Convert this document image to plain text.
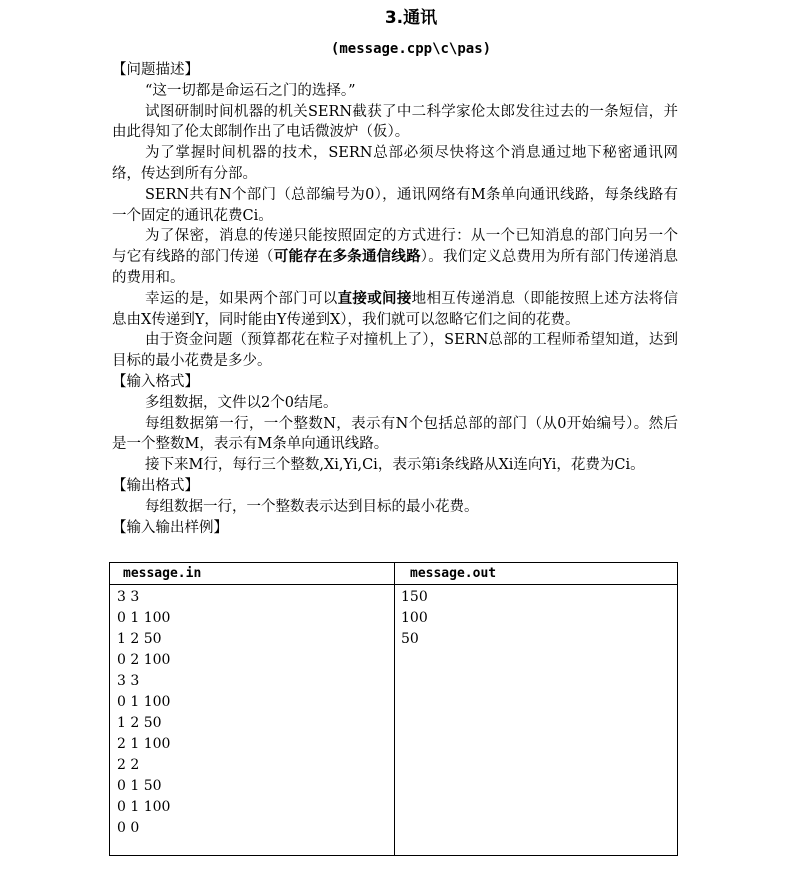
3.通讯
(message.cpp\c\pas)
【问题描述】
“这一切都是命运石之门的选择。”
试图研制时间机器的机关SERN截获了中二科学家伦太郎发往过去的一条短信，并由此得知了伦太郎制作出了电话微波炉（仮）。
为了掌握时间机器的技术，SERN总部必须尽快将这个消息通过地下秘密通讯网络，传达到所有分部。
SERN共有N个部门（总部编号为0），通讯网络有M条单向通讯线路，每条线路有一个固定的通讯花费Ci。
为了保密，消息的传递只能按照固定的方式进行：从一个已知消息的部门向另一个与它有线路的部门传递（可能存在多条通信线路）。我们定义总费用为所有部门传递消息的费用和。
幸运的是，如果两个部门可以直接或间接地相互传递消息（即能按照上述方法将信息由X传递到Y，同时能由Y传递到X），我们就可以忽略它们之间的花费。
由于资金问题（预算都花在粒子对撞机上了），SERN总部的工程师希望知道，达到目标的最小花费是多少。
【输入格式】
多组数据，文件以2个0结尾。
每组数据第一行，一个整数N，表示有N个包括总部的部门（从0开始编号）。然后是一个整数M，表示有M条单向通讯线路。
接下来M行，每行三个整数,Xi,Yi,Ci，表示第i条线路从Xi连向Yi，花费为Ci。
【输出格式】
每组数据一行，一个整数表示达到目标的最小花费。
【输入输出样例】
message.in	message.out
3 3
0 1 100
1 2 50
0 2 100
3 3
0 1 100
1 2 50
2 1 100
2 2
0 1 50
0 1 100
0 0
150
100
50
